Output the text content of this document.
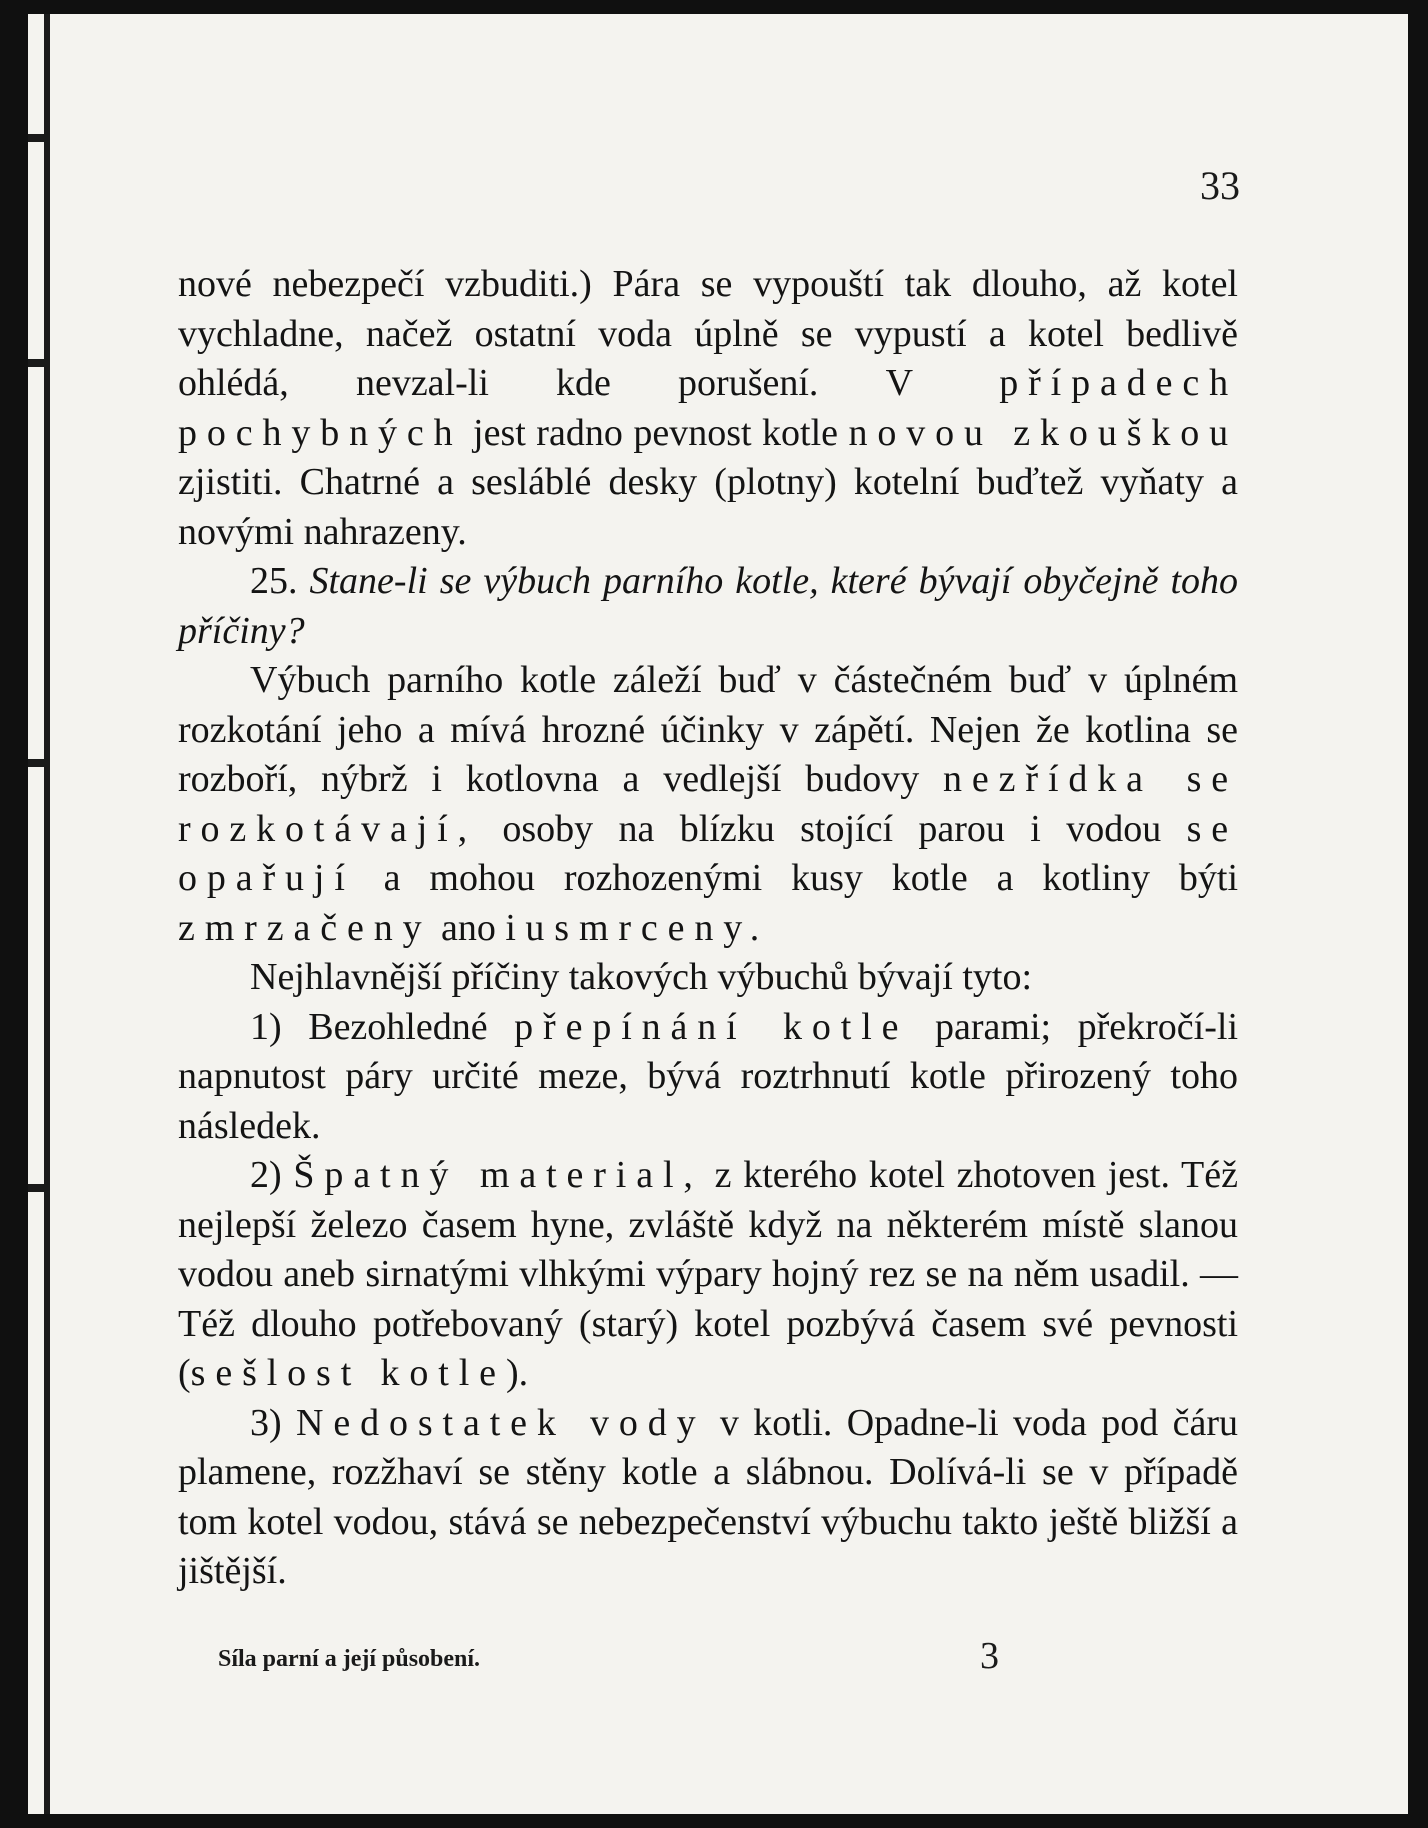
33

nové nebezpečí vzbuditi.) Pára se vypouští tak dlouho, až kotel vychladne, načež ostatní voda úplně se vypustí a kotel bedlivě ohlédá, nevzal-li kde porušení. V případech pochybných jest radno pevnost kotle novou zkouškou zjistiti. Chatrné a sesláblé desky (plotny) kotelní buďtež vyňaty a novými nahrazeny.

25. Stane-li se výbuch parního kotle, které bývají obyčejně toho příčiny?

Výbuch parního kotle záleží buď v částečném buď v úplném rozkotání jeho a mívá hrozné účinky v zápětí. Nejen že kotlina se rozboří, nýbrž i kotlovna a vedlejší budovy nezřídka se rozkotávají, osoby na blízku stojící parou i vodou se opařují a mohou rozhozenými kusy kotle a kotliny býti zmrzačeny ano i usmrceny.

Nejhlavnější příčiny takových výbuchů bývají tyto:

1) Bezohledné přepínání kotle parami; překročí-li napnutost páry určité meze, bývá roztrhnutí kotle přirozený toho následek.

2) Špatný material, z kterého kotel zhotoven jest. Též nejlepší železo časem hyne, zvláště když na některém místě slanou vodou aneb sirnatými vlhkými výpary hojný rez se na něm usadil. — Též dlouho potřebovaný (starý) kotel pozbývá časem své pevnosti (sešlost kotle).

3) Nedostatek vody v kotli. Opadne-li voda pod čáru plamene, rozžhaví se stěny kotle a slábnou. Dolívá-li se v případě tom kotel vodou, stává se nebezpečenství výbuchu takto ještě bližší a jištější.

Síla parní a její působení.	3
